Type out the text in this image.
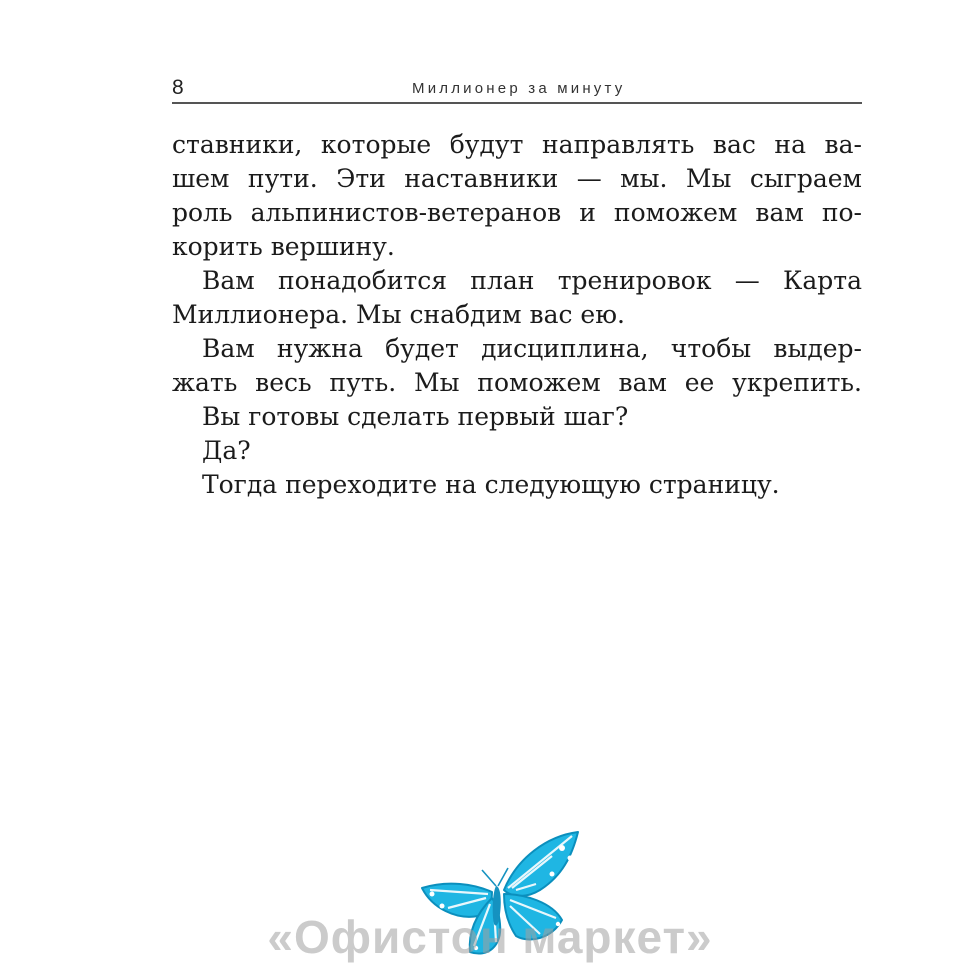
8	Миллионер за минуту
ставники, которые будут направлять вас на ва-
шем пути. Эти наставники — мы. Мы сыграем
роль альпинистов-ветеранов и поможем вам по-
корить вершину.
Вам понадобится план тренировок — Карта
Миллионера. Мы снабдим вас ею.
Вам нужна будет дисциплина, чтобы выдер-
жать весь путь. Мы поможем вам ее укрепить.
Вы готовы сделать первый шаг?
Да?
Тогда переходите на следующую страницу.
«Офистон маркет»
